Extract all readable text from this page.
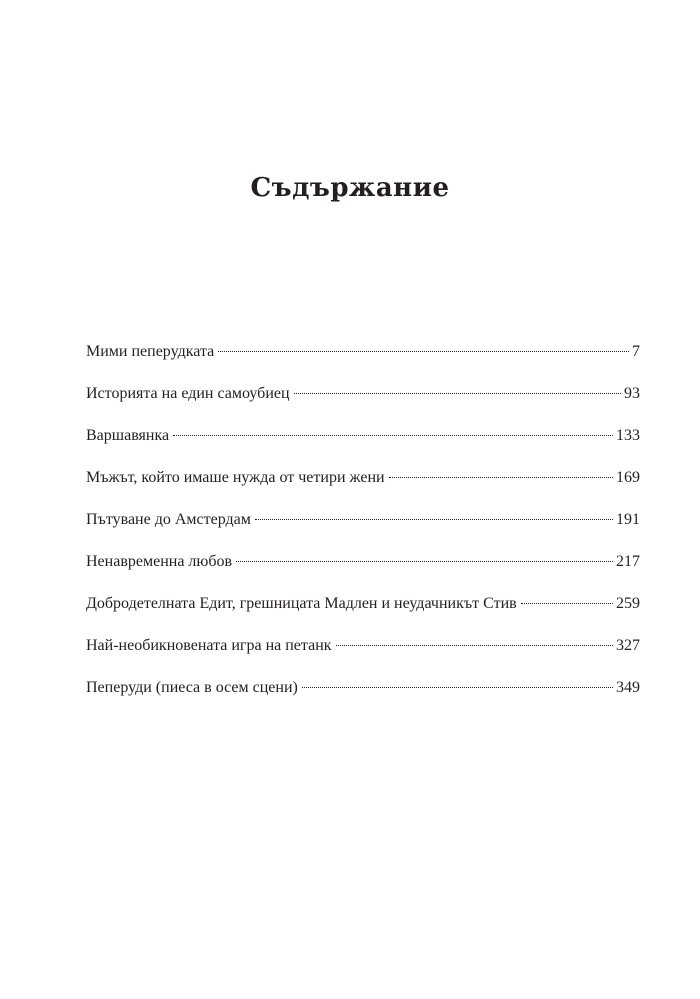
Съдържание
Мими пеперудката	7
Историята на един самоубиец	93
Варшавянка	133
Мъжът, който имаше нужда от четири жени	169
Пътуване до Амстердам	191
Ненавременна любов	217
Добродетелната Едит, грешницата Мадлен и неудачникът Стив	259
Най-необикновената игра на петанк	327
Пеперуди (пиеса в осем сцени)	349
